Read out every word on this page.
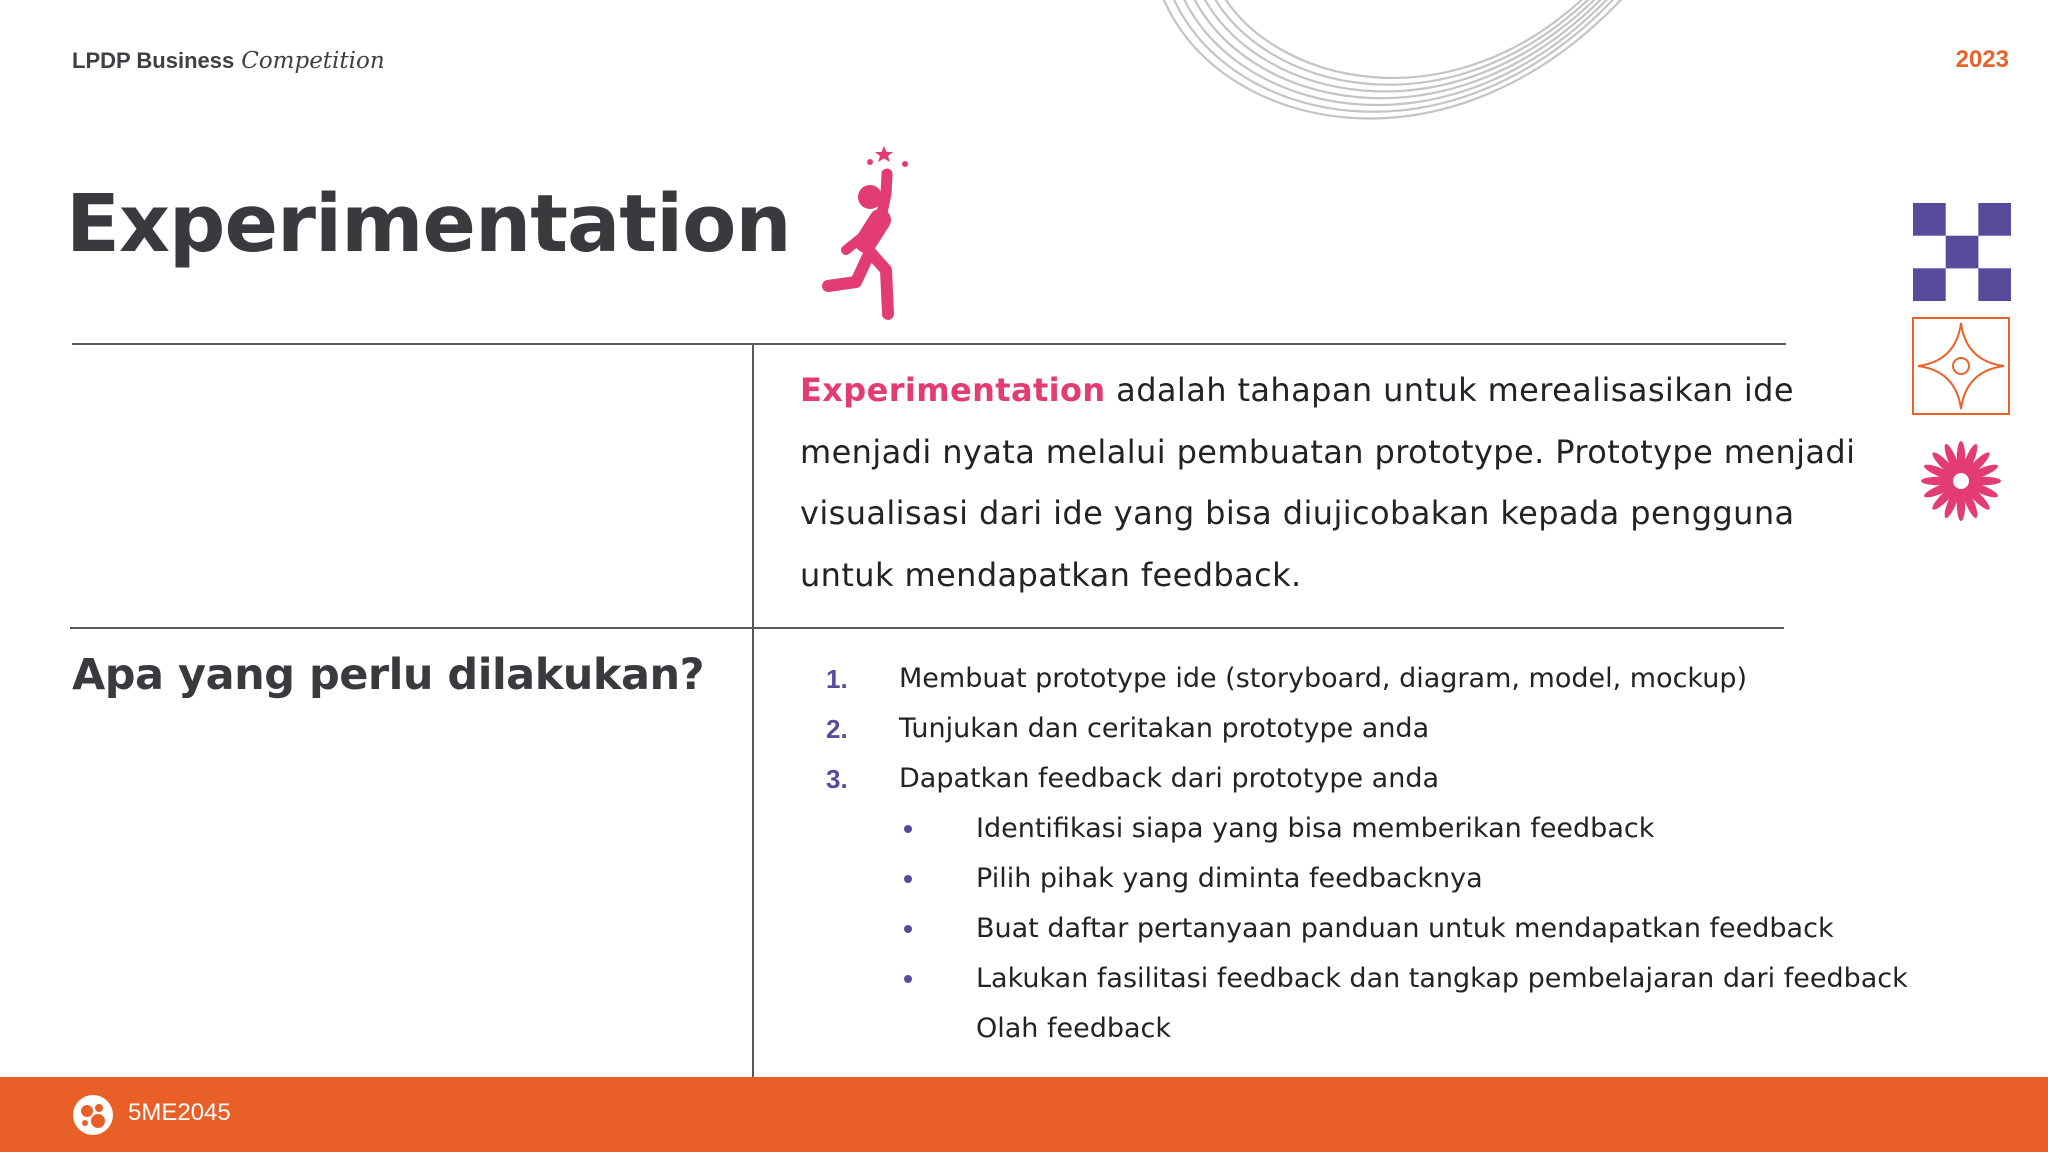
LPDP Business Competition	2023
Experimentation

Experimentation adalah tahapan untuk merealisasikan ide menjadi nyata melalui pembuatan prototype. Prototype menjadi visualisasi dari ide yang bisa diujicobakan kepada pengguna untuk mendapatkan feedback.

Apa yang perlu dilakukan?	1. Membuat prototype ide (storyboard, diagram, model, mockup)
2. Tunjukan dan ceritakan prototype anda
3. Dapatkan feedback dari prototype anda
Identifikasi siapa yang bisa memberikan feedback
Pilih pihak yang diminta feedbacknya
Buat daftar pertanyaan panduan untuk mendapatkan feedback
Lakukan fasilitasi feedback dan tangkap pembelajaran dari feedback
Olah feedback
5ME2045
